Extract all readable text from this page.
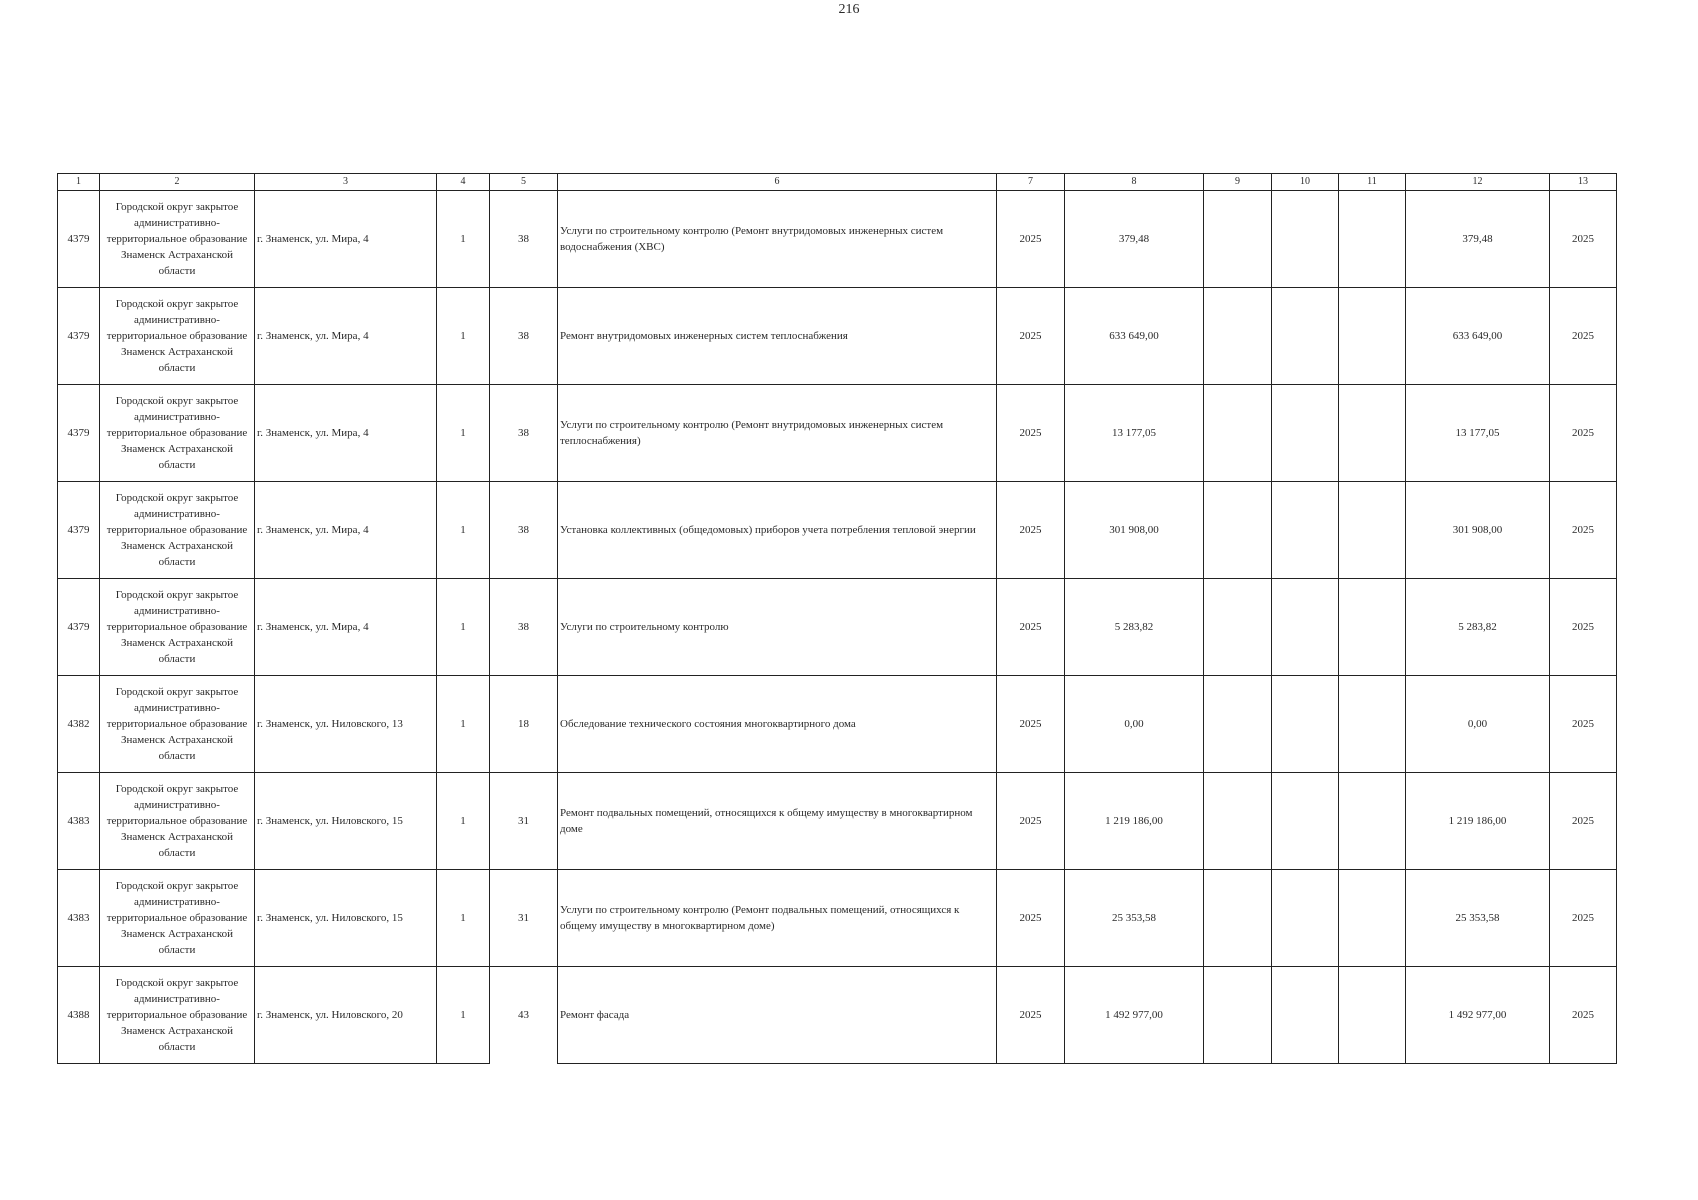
216
1	2	3	4	5	6	7	8	9	10	11	12	13
4379	Городской округ закрытое административно-территориальное образование Знаменск Астраханской области	г. Знаменск, ул. Мира, 4	1	38	Услуги по строительному контролю (Ремонт внутридомовых инженерных систем водоснабжения (ХВС)	2025	379,48				379,48	2025
4379	Городской округ закрытое административно-территориальное образование Знаменск Астраханской области	г. Знаменск, ул. Мира, 4	1	38	Ремонт внутридомовых инженерных систем теплоснабжения	2025	633 649,00				633 649,00	2025
4379	Городской округ закрытое административно-территориальное образование Знаменск Астраханской области	г. Знаменск, ул. Мира, 4	1	38	Услуги по строительному контролю (Ремонт внутридомовых инженерных систем теплоснабжения)	2025	13 177,05				13 177,05	2025
4379	Городской округ закрытое административно-территориальное образование Знаменск Астраханской области	г. Знаменск, ул. Мира, 4	1	38	Установка коллективных (общедомовых) приборов учета потребления тепловой энергии	2025	301 908,00				301 908,00	2025
4379	Городской округ закрытое административно-территориальное образование Знаменск Астраханской области	г. Знаменск, ул. Мира, 4	1	38	Услуги по строительному контролю	2025	5 283,82				5 283,82	2025
4382	Городской округ закрытое административно-территориальное образование Знаменск Астраханской области	г. Знаменск, ул. Ниловского, 13	1	18	Обследование технического состояния многоквартирного дома	2025	0,00				0,00	2025
4383	Городской округ закрытое административно-территориальное образование Знаменск Астраханской области	г. Знаменск, ул. Ниловского, 15	1	31	Ремонт подвальных помещений, относящихся к общему имуществу в многоквартирном доме	2025	1 219 186,00				1 219 186,00	2025
4383	Городской округ закрытое административно-территориальное образование Знаменск Астраханской области	г. Знаменск, ул. Ниловского, 15	1	31	Услуги по строительному контролю (Ремонт подвальных помещений, относящихся к общему имуществу в многоквартирном доме)	2025	25 353,58				25 353,58	2025
4388	Городской округ закрытое административно-территориальное образование Знаменск Астраханской области	г. Знаменск, ул. Ниловского, 20	1	43	Ремонт фасада	2025	1 492 977,00				1 492 977,00	2025
